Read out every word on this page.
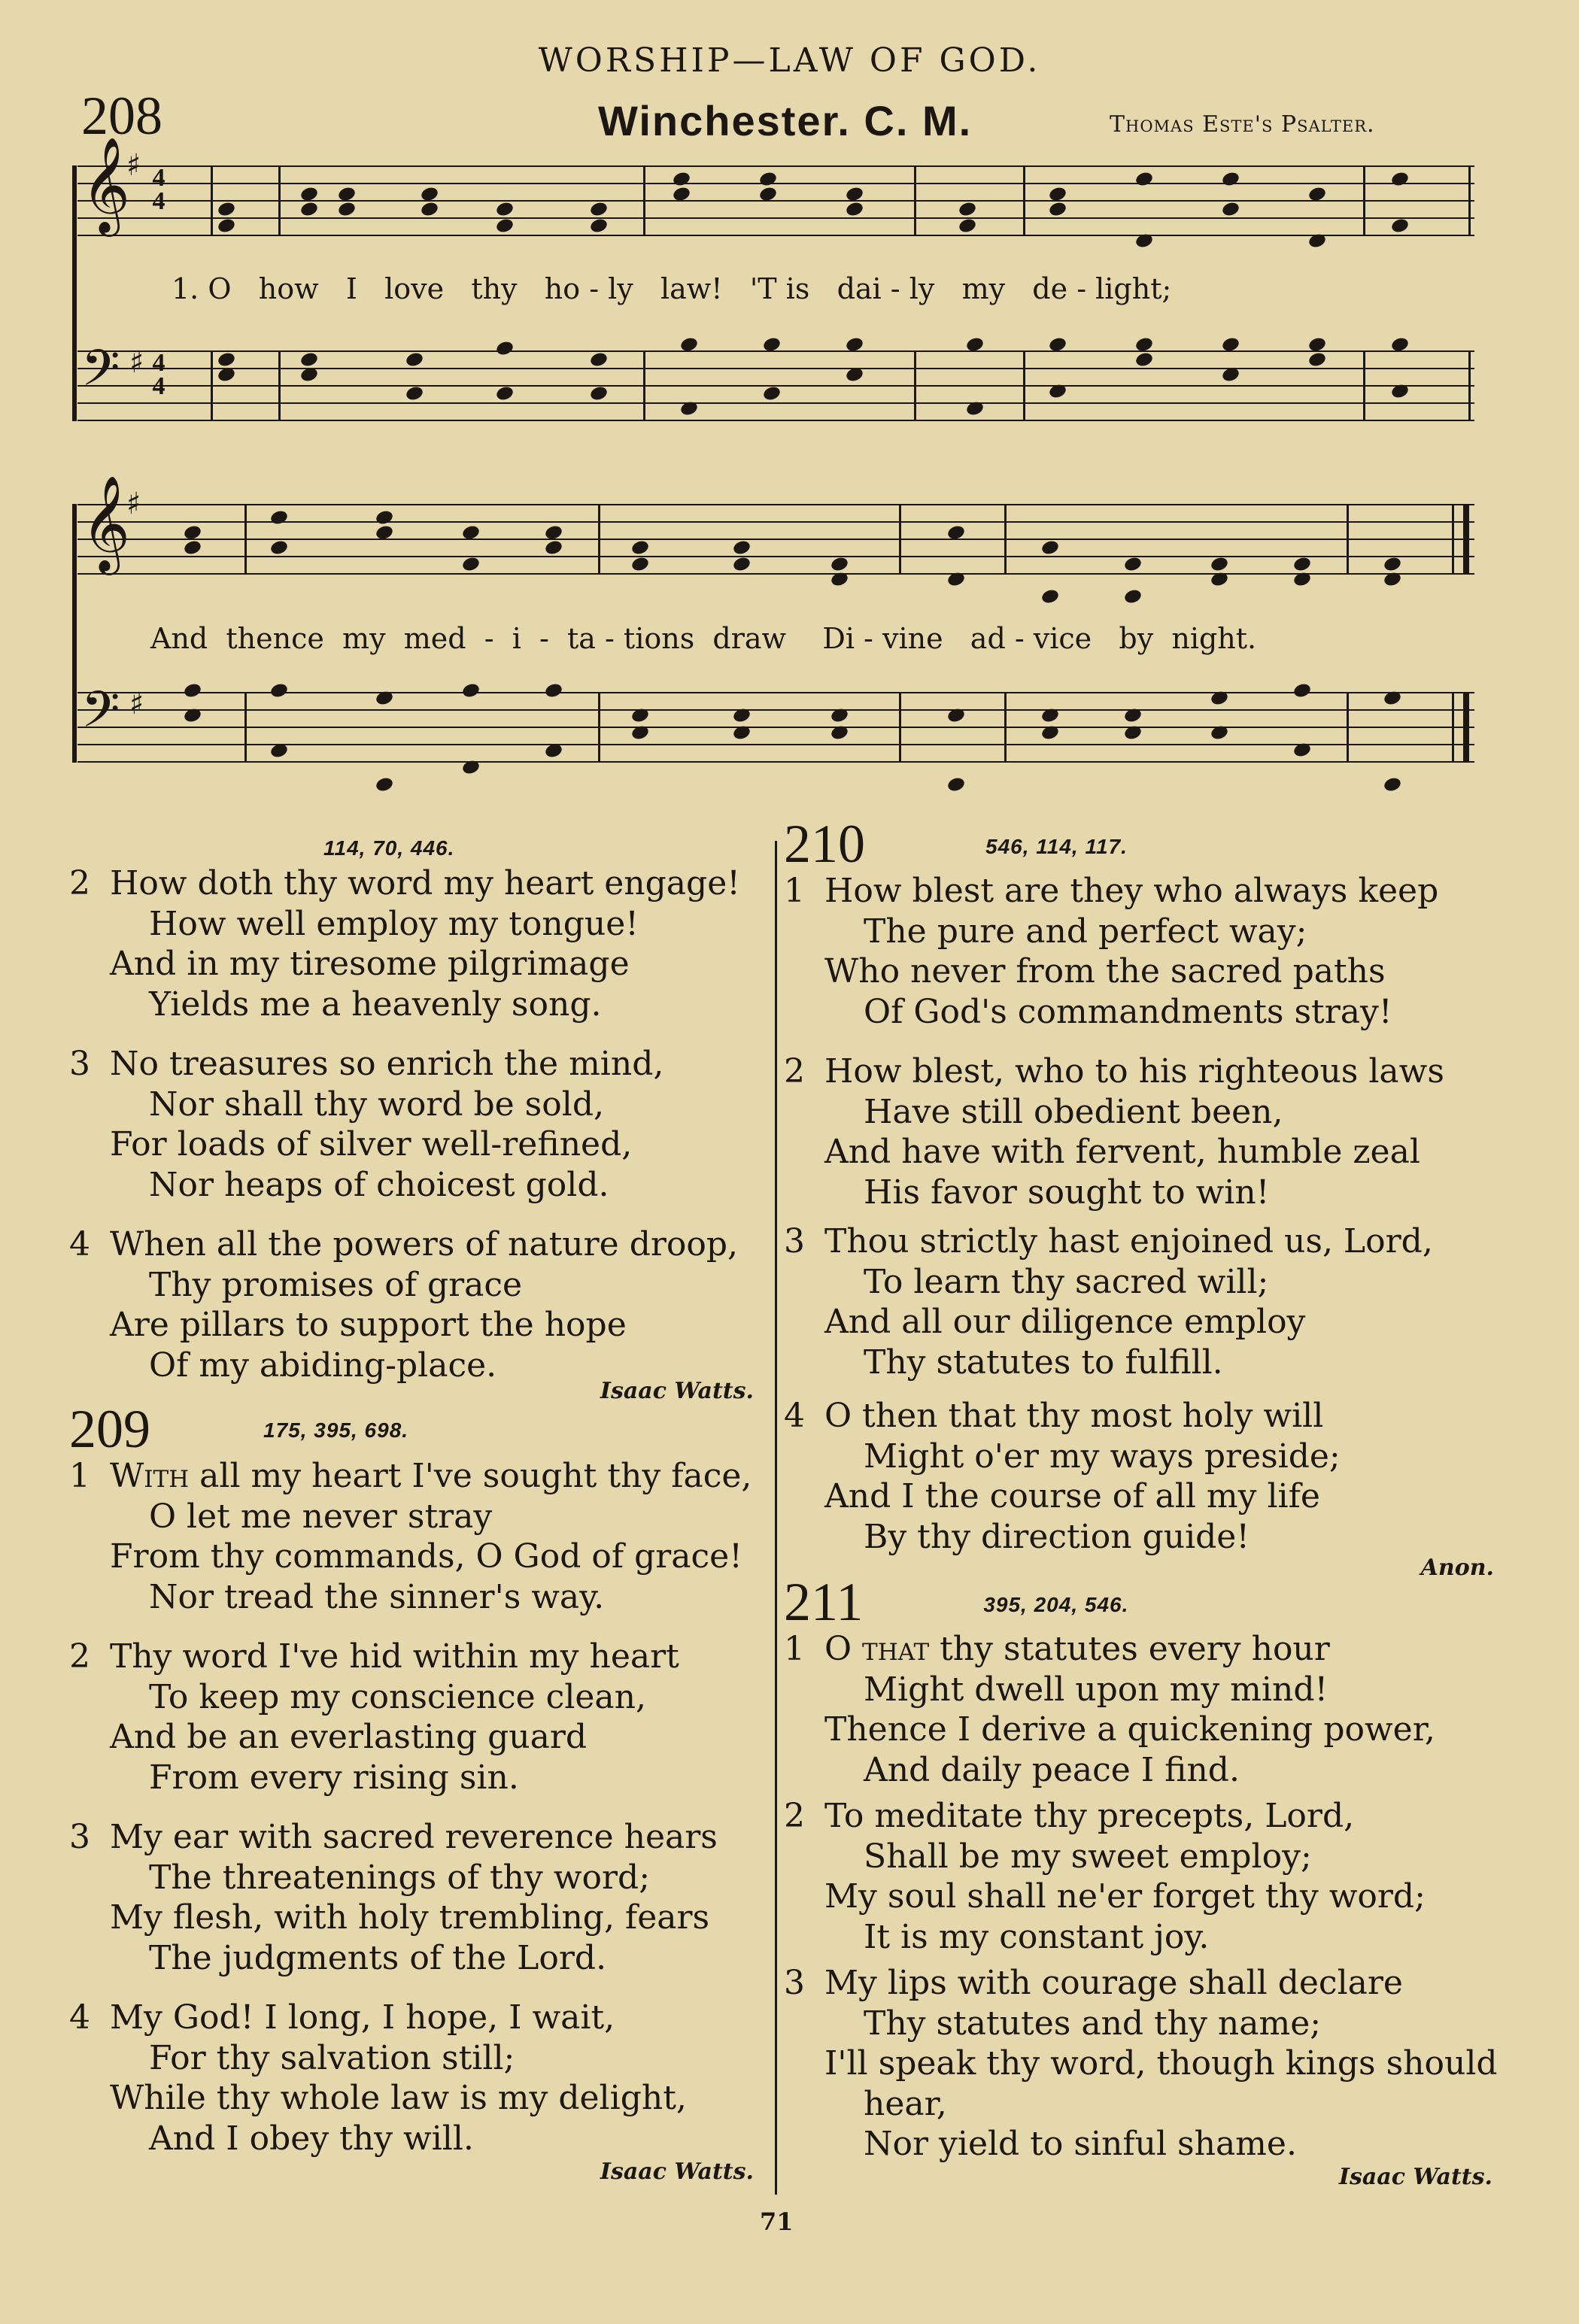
WORSHIP—LAW OF GOD.
208	Winchester. C. M.	Thomas Este's Psalter.
𝄞
♯ 4
4
𝄢 ♯ 4
4
1. O   how   I   love   thy   ho - ly   law!   'T is   dai - ly   my   de - light;
𝄞
♯
𝄢 ♯
And  thence  my  med  -  i  -  ta - tions  draw    Di - vine   ad - vice   by  night.
114, 70, 446.
2 How doth thy word my heart engage!
How well employ my tongue!
And in my tiresome pilgrimage
Yields me a heavenly song.
3 No treasures so enrich the mind,
Nor shall thy word be sold,
For loads of silver well-refined,
Nor heaps of choicest gold.
4 When all the powers of nature droop,
Thy promises of grace
Are pillars to support the hope
Of my abiding-place.
Isaac Watts.
209	175, 395, 698.
1 With all my heart I've sought thy face,
O let me never stray
From thy commands, O God of grace!
Nor tread the sinner's way.
2 Thy word I've hid within my heart
To keep my conscience clean,
And be an everlasting guard
From every rising sin.
3 My ear with sacred reverence hears
The threatenings of thy word;
My flesh, with holy trembling, fears
The judgments of the Lord.
4 My God! I long, I hope, I wait,
For thy salvation still;
While thy whole law is my delight,
And I obey thy will.
Isaac Watts.
210	546, 114, 117.
1 How blest are they who always keep
The pure and perfect way;
Who never from the sacred paths
Of God's commandments stray!
2 How blest, who to his righteous laws
Have still obedient been,
And have with fervent, humble zeal
His favor sought to win!
3 Thou strictly hast enjoined us, Lord,
To learn thy sacred will;
And all our diligence employ
Thy statutes to fulfill.
4 O then that thy most holy will
Might o'er my ways preside;
And I the course of all my life
By thy direction guide!
Anon.
211	395, 204, 546.
1 O that thy statutes every hour
Might dwell upon my mind!
Thence I derive a quickening power,
And daily peace I find.
2 To meditate thy precepts, Lord,
Shall be my sweet employ;
My soul shall ne'er forget thy word;
It is my constant joy.
3 My lips with courage shall declare
Thy statutes and thy name;
I'll speak thy word, though kings should
hear,
Nor yield to sinful shame.
Isaac Watts.
71
